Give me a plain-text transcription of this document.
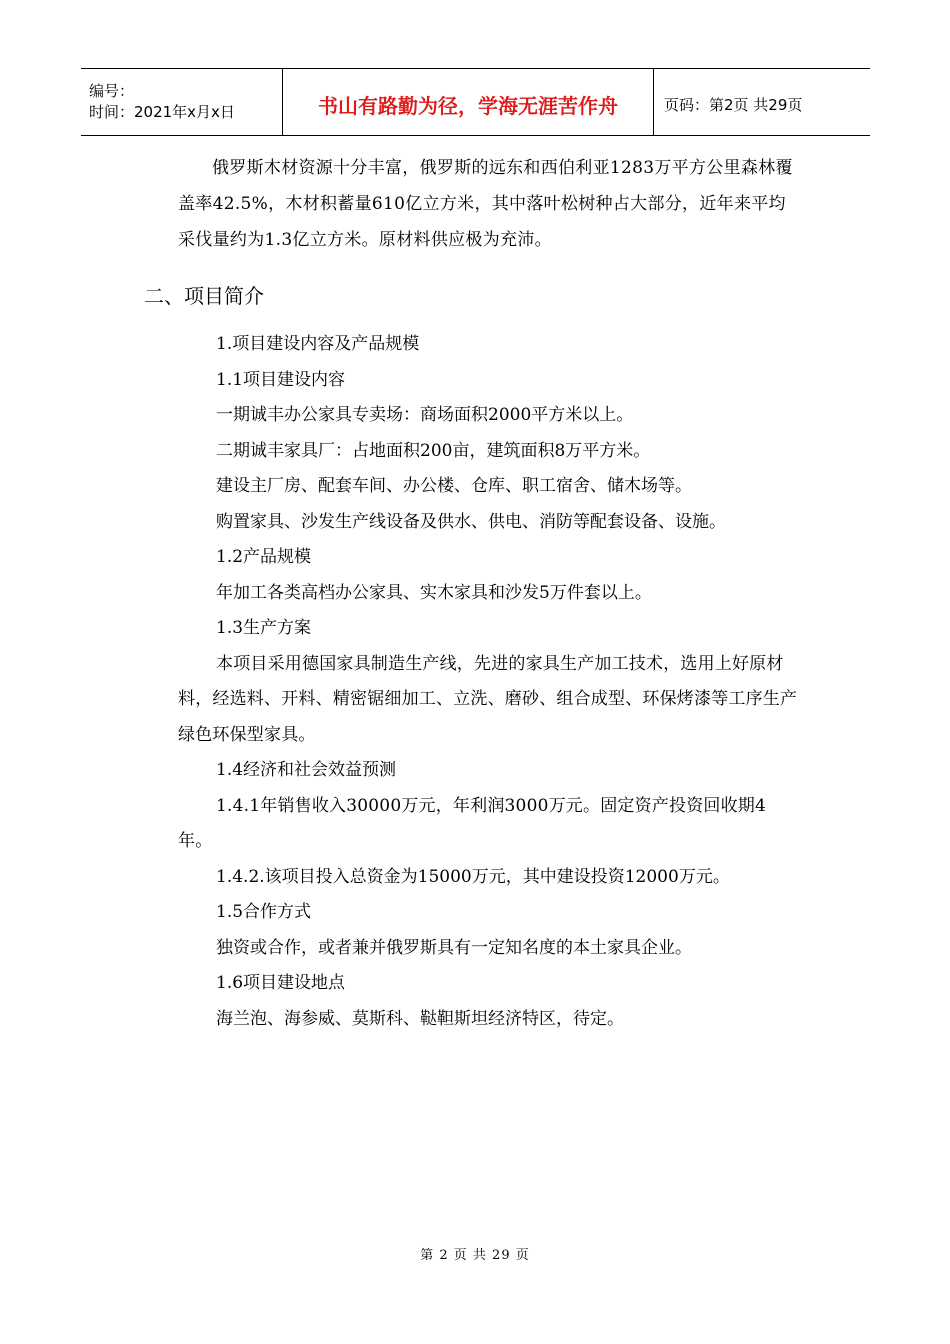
编号：
时间：2021年x月x日	书山有路勤为径，学海无涯苦作舟	页码：第2页 共29页

俄罗斯木材资源十分丰富，俄罗斯的远东和西伯利亚1283万平方公里森林覆盖率42.5%，木材积蓄量610亿立方米，其中落叶松树种占大部分，近年来平均采伐量约为1.3亿立方米。原材料供应极为充沛。

二、项目简介

1.项目建设内容及产品规模

1.1项目建设内容

一期诚丰办公家具专卖场：商场面积2000平方米以上。

二期诚丰家具厂：占地面积200亩，建筑面积8万平方米。

建设主厂房、配套车间、办公楼、仓库、职工宿舍、储木场等。

购置家具、沙发生产线设备及供水、供电、消防等配套设备、设施。

1.2产品规模

年加工各类高档办公家具、实木家具和沙发5万件套以上。

1.3生产方案

本项目采用德国家具制造生产线，先进的家具生产加工技术，选用上好原材料，经选料、开料、精密锯细加工、立洗、磨砂、组合成型、环保烤漆等工序生产绿色环保型家具。

1.4经济和社会效益预测

1.4.1年销售收入30000万元，年利润3000万元。固定资产投资回收期4年。

1.4.2.该项目投入总资金为15000万元，其中建设投资12000万元。

1.5合作方式

独资或合作，或者兼并俄罗斯具有一定知名度的本土家具企业。

1.6项目建设地点

海兰泡、海参威、莫斯科、鞑靼斯坦经济特区，待定。

第 2 页 共 29 页
